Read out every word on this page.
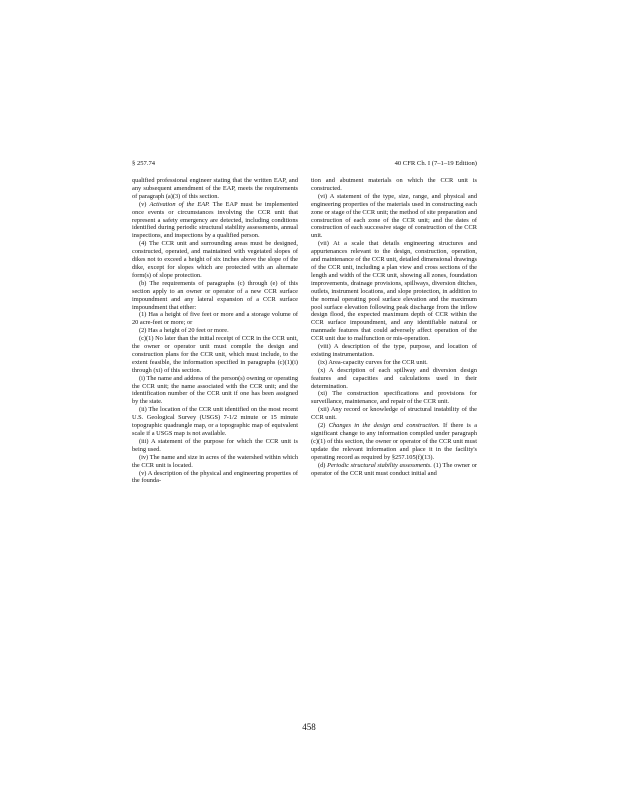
§ 257.74	40 CFR Ch. I (7–1–19 Edition)

qualified professional engineer stating that the written EAP, and any subsequent amendment of the EAP, meets the requirements of paragraph (a)(3) of this section.

(v) Activation of the EAP. The EAP must be implemented once events or circumstances involving the CCR unit that represent a safety emergency are detected, including conditions identified during periodic structural stability assessments, annual inspections, and inspections by a qualified person.

(4) The CCR unit and surrounding areas must be designed, constructed, operated, and maintained with vegetated slopes of dikes not to exceed a height of six inches above the slope of the dike, except for slopes which are protected with an alternate form(s) of slope protection.

(b) The requirements of paragraphs (c) through (e) of this section apply to an owner or operator of a new CCR surface impoundment and any lateral expansion of a CCR surface impoundment that either:

(1) Has a height of five feet or more and a storage volume of 20 acre-feet or more; or

(2) Has a height of 20 feet or more.

(c)(1) No later than the initial receipt of CCR in the CCR unit, the owner or operator unit must compile the design and construction plans for the CCR unit, which must include, to the extent feasible, the information specified in paragraphs (c)(1)(i) through (xi) of this section.

(i) The name and address of the person(s) owning or operating the CCR unit; the name associated with the CCR unit; and the identification number of the CCR unit if one has been assigned by the state.

(ii) The location of the CCR unit identified on the most recent U.S. Geological Survey (USGS) 7-1/2 minute or 15 minute topographic quadrangle map, or a topographic map of equivalent scale if a USGS map is not available.

(iii) A statement of the purpose for which the CCR unit is being used.

(iv) The name and size in acres of the watershed within which the CCR unit is located.

(v) A description of the physical and engineering properties of the founda-

tion and abutment materials on which the CCR unit is constructed.

(vi) A statement of the type, size, range, and physical and engineering properties of the materials used in constructing each zone or stage of the CCR unit; the method of site preparation and construction of each zone of the CCR unit; and the dates of construction of each successive stage of construction of the CCR unit.

(vii) At a scale that details engineering structures and appurtenances relevant to the design, construction, operation, and maintenance of the CCR unit, detailed dimensional drawings of the CCR unit, including a plan view and cross sections of the length and width of the CCR unit, showing all zones, foundation improvements, drainage provisions, spillways, diversion ditches, outlets, instrument locations, and slope protection, in addition to the normal operating pool surface elevation and the maximum pool surface elevation following peak discharge from the inflow design flood, the expected maximum depth of CCR within the CCR surface impoundment, and any identifiable natural or manmade features that could adversely affect operation of the CCR unit due to malfunction or mis-operation.

(viii) A description of the type, purpose, and location of existing instrumentation.

(ix) Area-capacity curves for the CCR unit.

(x) A description of each spillway and diversion design features and capacities and calculations used in their determination.

(xi) The construction specifications and provisions for surveillance, maintenance, and repair of the CCR unit.

(xii) Any record or knowledge of structural instability of the CCR unit.

(2) Changes in the design and construction. If there is a significant change to any information compiled under paragraph (c)(1) of this section, the owner or operator of the CCR unit must update the relevant information and place it in the facility's operating record as required by §257.105(f)(13).

(d) Periodic structural stability assessments. (1) The owner or operator of the CCR unit must conduct initial and

458
